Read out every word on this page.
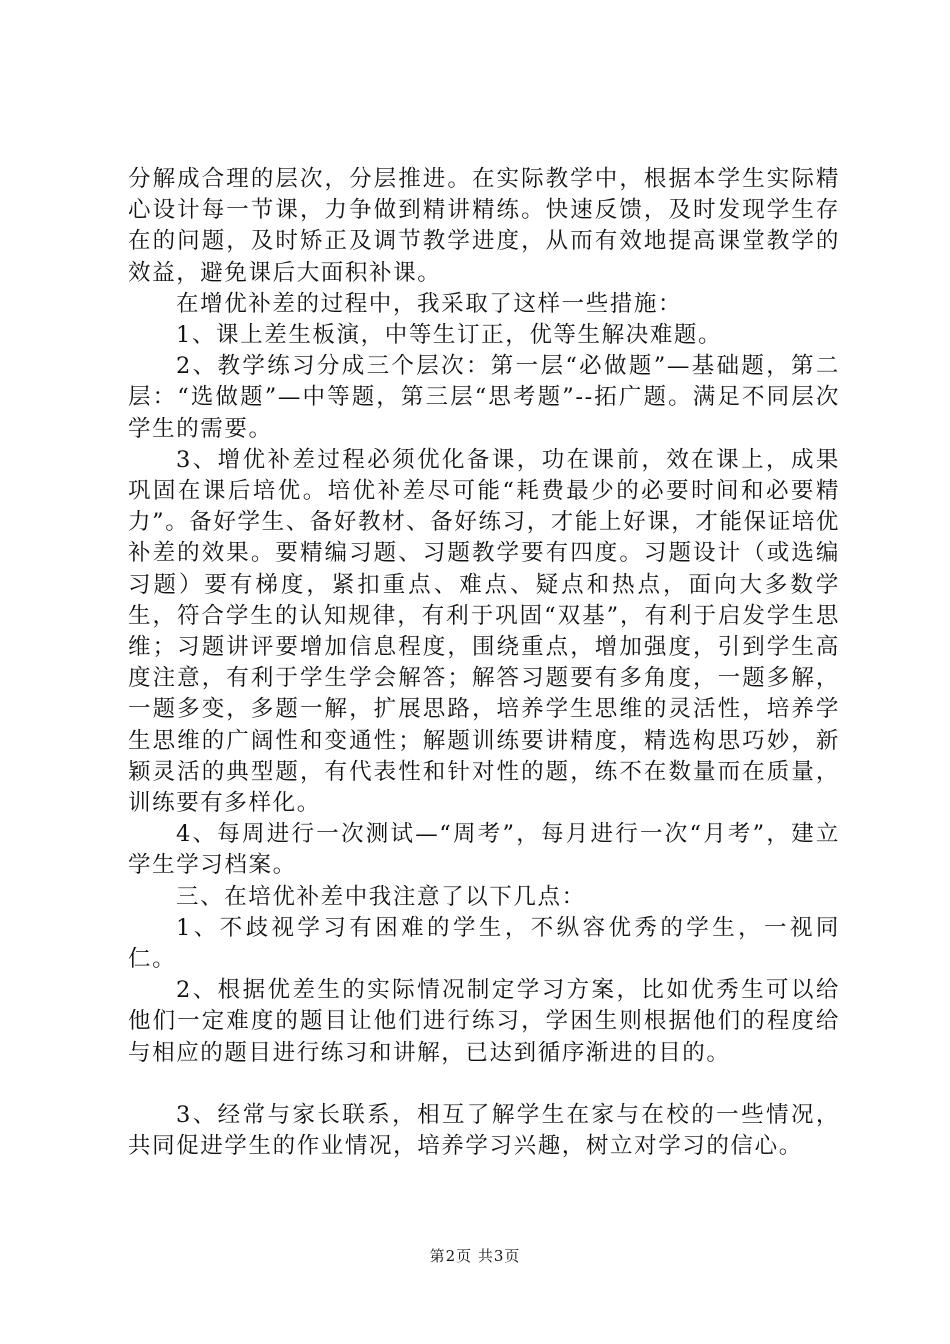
分解成合理的层次，分层推进。在实际教学中，根据本学生实际精心设计每一节课，力争做到精讲精练。快速反馈，及时发现学生存在的问题，及时矫正及调节教学进度，从而有效地提高课堂教学的效益，避免课后大面积补课。

在增优补差的过程中，我采取了这样一些措施：

1、课上差生板演，中等生订正，优等生解决难题。

2、教学练习分成三个层次：第一层“必做题”—基础题，第二层：“选做题”—中等题，第三层“思考题”--拓广题。满足不同层次学生的需要。

3、增优补差过程必须优化备课，功在课前，效在课上，成果巩固在课后培优。培优补差尽可能“耗费最少的必要时间和必要精力”。备好学生、备好教材、备好练习，才能上好课，才能保证培优补差的效果。要精编习题、习题教学要有四度。习题设计（或选编习题）要有梯度，紧扣重点、难点、疑点和热点，面向大多数学生，符合学生的认知规律，有利于巩固“双基”，有利于启发学生思维；习题讲评要增加信息程度，围绕重点，增加强度，引到学生高度注意，有利于学生学会解答；解答习题要有多角度，一题多解，一题多变，多题一解，扩展思路，培养学生思维的灵活性，培养学生思维的广阔性和变通性；解题训练要讲精度，精选构思巧妙，新颖灵活的典型题，有代表性和针对性的题，练不在数量而在质量，训练要有多样化。

4、每周进行一次测试—“周考”，每月进行一次“月考”，建立学生学习档案。

三、在培优补差中我注意了以下几点：

1、不歧视学习有困难的学生，不纵容优秀的学生，一视同仁。

2、根据优差生的实际情况制定学习方案，比如优秀生可以给他们一定难度的题目让他们进行练习，学困生则根据他们的程度给与相应的题目进行练习和讲解，已达到循序渐进的目的。

3、经常与家长联系，相互了解学生在家与在校的一些情况，共同促进学生的作业情况，培养学习兴趣，树立对学习的信心。

第2页 共3页
